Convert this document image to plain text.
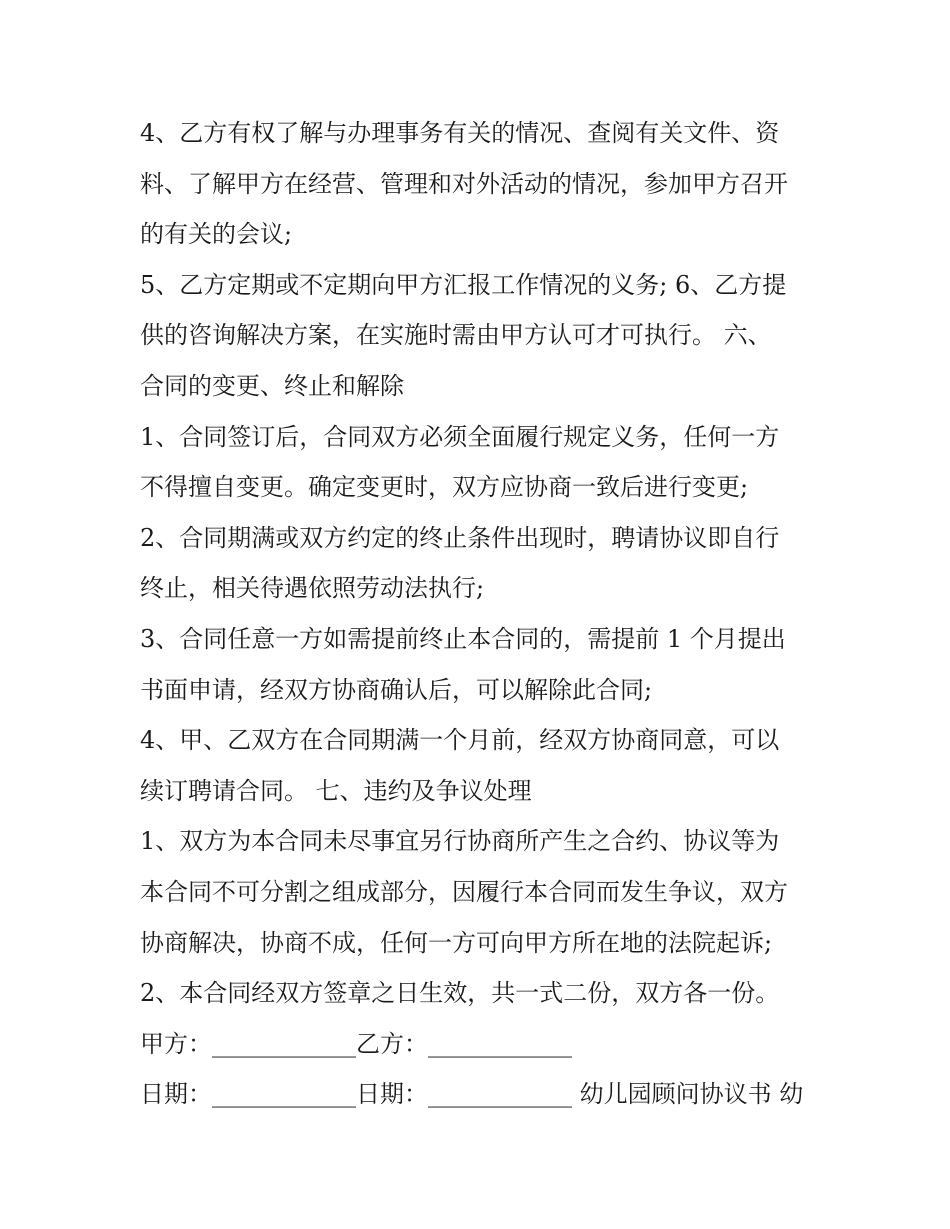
4、乙方有权了解与办理事务有关的情况、查阅有关文件、资
料、了解甲方在经营、管理和对外活动的情况，参加甲方召开
的有关的会议;
5、乙方定期或不定期向甲方汇报工作情况的义务; 6、乙方提
供的咨询解决方案，在实施时需由甲方认可才可执行。 六、
合同的变更、终止和解除
1、合同签订后，合同双方必须全面履行规定义务，任何一方
不得擅自变更。确定变更时，双方应协商一致后进行变更;
2、合同期满或双方约定的终止条件出现时，聘请协议即自行
终止，相关待遇依照劳动法执行;
3、合同任意一方如需提前终止本合同的，需提前 1 个月提出
书面申请，经双方协商确认后，可以解除此合同;
4、甲、乙双方在合同期满一个月前，经双方协商同意，可以
续订聘请合同。 七、违约及争议处理
1、双方为本合同未尽事宜另行协商所产生之合约、协议等为
本合同不可分割之组成部分，因履行本合同而发生争议，双方
协商解决，协商不成，任何一方可向甲方所在地的法院起诉;
2、本合同经双方签章之日生效，共一式二份，双方各一份。
甲方：____________乙方：____________
日期：____________日期：____________ 幼儿园顾问协议书 幼
